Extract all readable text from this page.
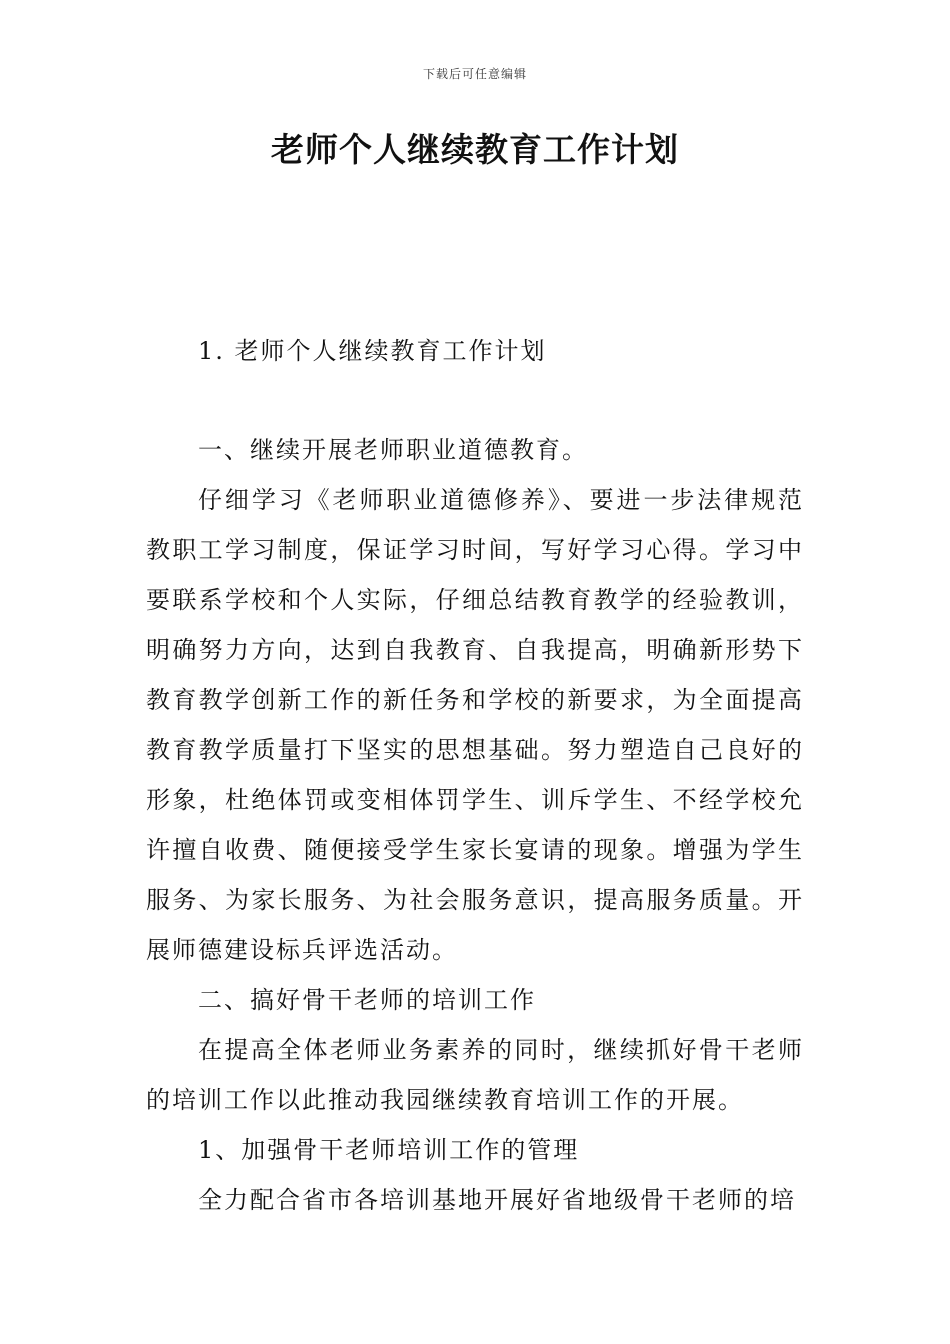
下载后可任意编辑
老师个人继续教育工作计划

1. 老师个人继续教育工作计划

一、继续开展老师职业道德教育。

仔细学习《老师职业道德修养》、要进一步法律规范教职工学习制度，保证学习时间，写好学习心得。学习中要联系学校和个人实际，仔细总结教育教学的经验教训，明确努力方向，达到自我教育、自我提高，明确新形势下教育教学创新工作的新任务和学校的新要求，为全面提高教育教学质量打下坚实的思想基础。努力塑造自己良好的形象，杜绝体罚或变相体罚学生、训斥学生、不经学校允许擅自收费、随便接受学生家长宴请的现象。增强为学生服务、为家长服务、为社会服务意识，提高服务质量。开展师德建设标兵评选活动。

二、搞好骨干老师的培训工作

在提高全体老师业务素养的同时，继续抓好骨干老师的培训工作以此推动我园继续教育培训工作的开展。

1、加强骨干老师培训工作的管理

全力配合省市各培训基地开展好省地级骨干老师的培
